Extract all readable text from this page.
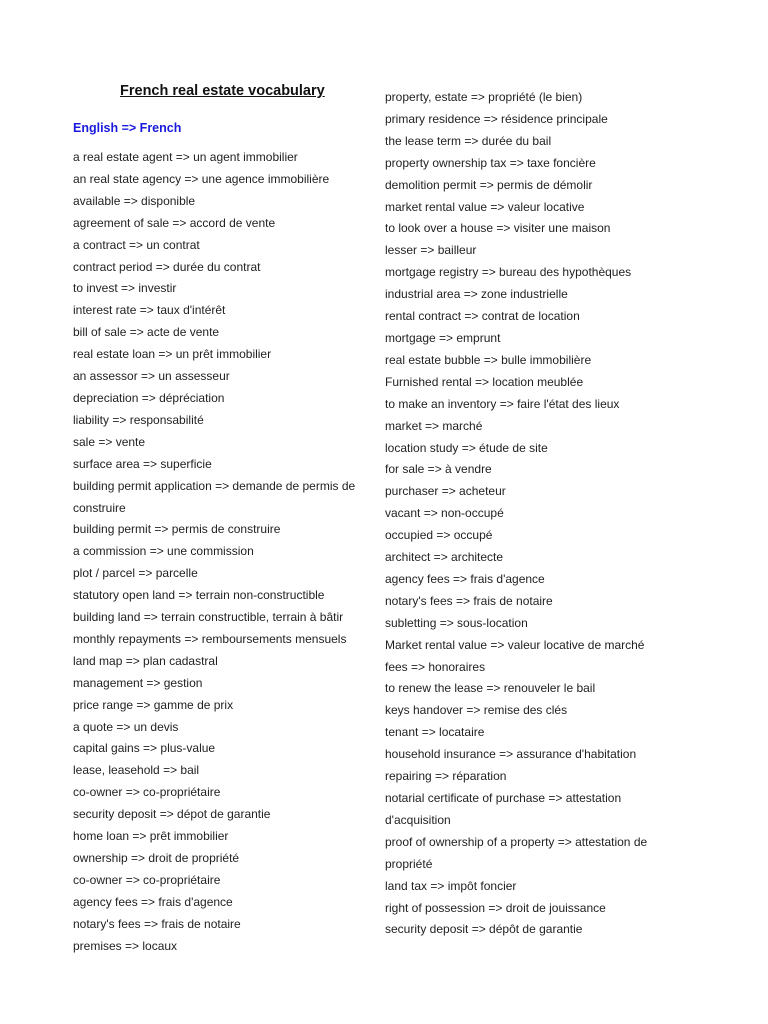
French real estate vocabulary
English => French
a real estate agent => un agent immobilier
an real state agency => une agence immobilière
available => disponible
agreement of sale => accord de vente
a contract => un contrat
contract period => durée du contrat
to invest => investir
interest rate => taux d'intérêt
bill of sale => acte de vente
real estate loan => un prêt immobilier
an assessor => un assesseur
depreciation => dépréciation
liability => responsabilité
sale => vente
surface area => superficie
building permit application => demande de permis de construire
building permit => permis de construire
a commission => une commission
plot / parcel => parcelle
statutory open land => terrain non-constructible
building land => terrain constructible, terrain à bâtir
monthly repayments => remboursements mensuels
land map => plan cadastral
management => gestion
price range => gamme de prix
a quote => un devis
capital gains => plus-value
lease, leasehold => bail
co-owner => co-propriétaire
security deposit => dépot de garantie
home loan => prêt immobilier
ownership => droit de propriété
co-owner => co-propriétaire
agency fees => frais d'agence
notary's fees => frais de notaire
premises => locaux
property, estate => propriété (le bien)
primary residence => résidence principale
the lease term => durée du bail
property ownership tax => taxe foncière
demolition permit => permis de démolir
market rental value => valeur locative
to look over a house => visiter une maison
lesser => bailleur
mortgage registry => bureau des hypothèques
industrial area => zone industrielle
rental contract => contrat de location
mortgage => emprunt
real estate bubble => bulle immobilière
Furnished rental => location meublée
to make an inventory => faire l'état des lieux
market => marché
location study => étude de site
for sale => à vendre
purchaser => acheteur
vacant => non-occupé
occupied => occupé
architect => architecte
agency fees => frais d'agence
notary's fees => frais de notaire
subletting => sous-location
Market rental value => valeur locative de marché
fees => honoraires
to renew the lease => renouveler le bail
keys handover => remise des clés
tenant => locataire
household insurance => assurance d'habitation
repairing => réparation
notarial certificate of purchase => attestation d'acquisition
proof of ownership of a property => attestation de propriété
land tax => impôt foncier
right of possession => droit de jouissance
security deposit => dépôt de garantie
